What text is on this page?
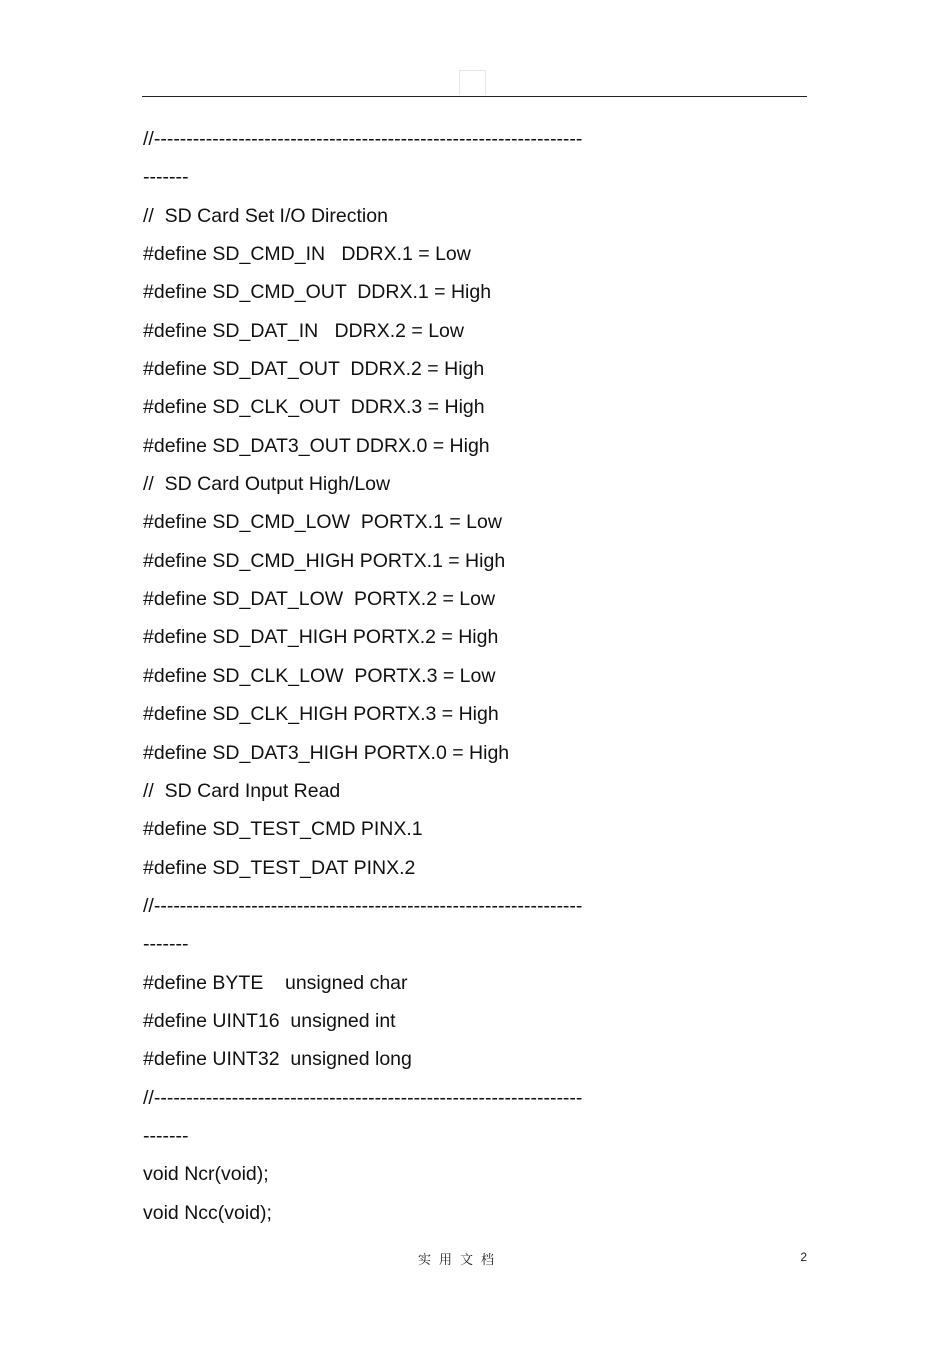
//------------------------------------------------------------------
-------
//  SD Card Set I/O Direction
#define SD_CMD_IN   DDRX.1 = Low
#define SD_CMD_OUT  DDRX.1 = High
#define SD_DAT_IN   DDRX.2 = Low
#define SD_DAT_OUT  DDRX.2 = High
#define SD_CLK_OUT  DDRX.3 = High
#define SD_DAT3_OUT DDRX.0 = High
//  SD Card Output High/Low
#define SD_CMD_LOW  PORTX.1 = Low
#define SD_CMD_HIGH PORTX.1 = High
#define SD_DAT_LOW  PORTX.2 = Low
#define SD_DAT_HIGH PORTX.2 = High
#define SD_CLK_LOW  PORTX.3 = Low
#define SD_CLK_HIGH PORTX.3 = High
#define SD_DAT3_HIGH PORTX.0 = High
//  SD Card Input Read
#define SD_TEST_CMD PINX.1
#define SD_TEST_DAT PINX.2
//------------------------------------------------------------------
-------
#define BYTE    unsigned char
#define UINT16  unsigned int
#define UINT32  unsigned long
//------------------------------------------------------------------
-------
void Ncr(void);
void Ncc(void);
实用文档	2
